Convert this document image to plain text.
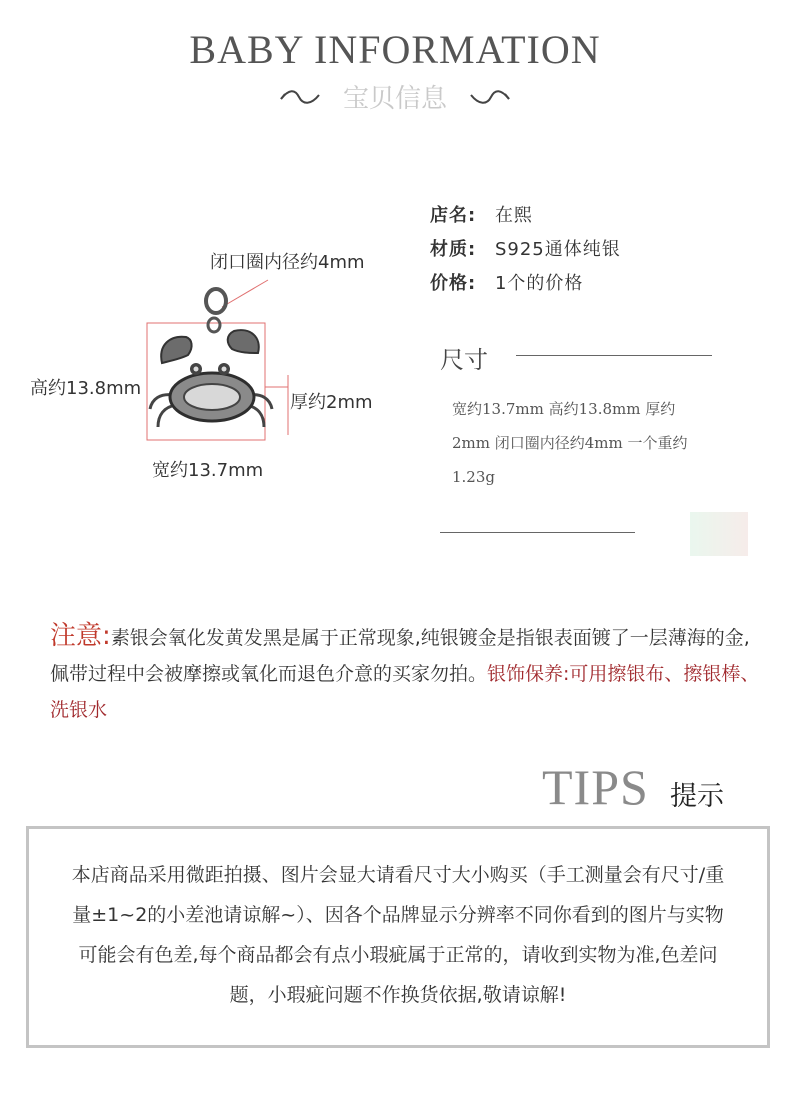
BABY INFORMATION
宝贝信息
闭口圈内径约4mm
高约13.8mm
厚约2mm
宽约13.7mm
店名: 在熙
材质: S925通体纯银
价格: 1个的价格
尺寸
宽约13.7mm 高约13.8mm 厚约2mm 闭口圈内径约4mm 一个重约1.23g
注意:素银会氧化发黄发黑是属于正常现象,纯银镀金是指银表面镀了一层薄海的金,佩带过程中会被摩擦或氧化而退色介意的买家勿拍。银饰保养:可用擦银布、擦银棒、洗银水
TIPS 提示
本店商品采用微距拍摄、图片会显大请看尺寸大小购买（手工测量会有尺寸/重量±1~2的小差池请谅解~）、因各个品牌显示分辨率不同你看到的图片与实物可能会有色差,每个商品都会有点小瑕疵属于正常的，请收到实物为准,色差问题，小瑕疵问题不作换货依据,敬请谅解!
